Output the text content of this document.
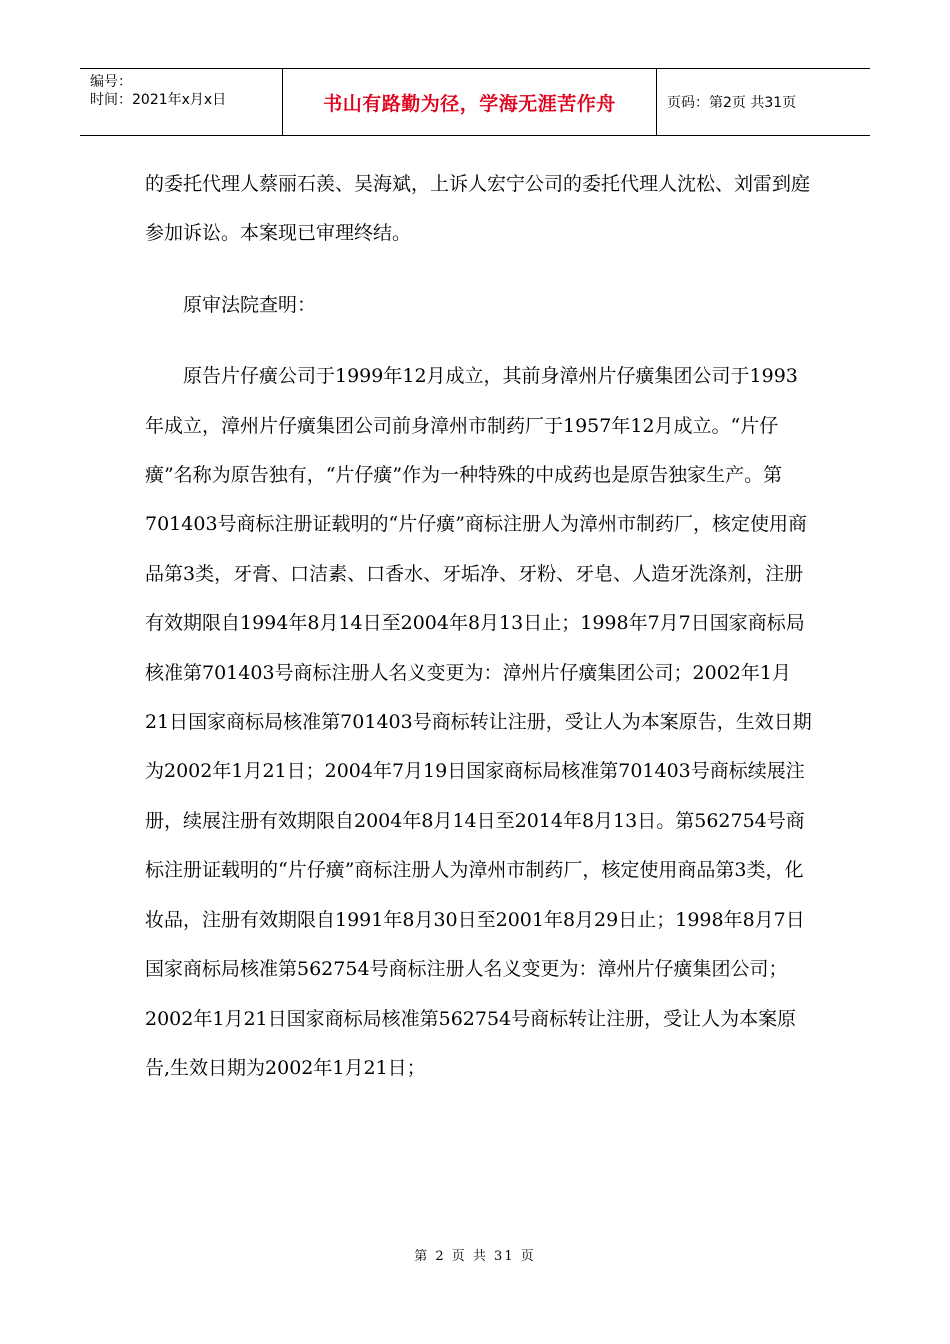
编号：
时间：2021年x月x日	书山有路勤为径，学海无涯苦作舟	页码：第2页 共31页

的委托代理人蔡丽石羡、吴海斌，上诉人宏宁公司的委托代理人沈松、刘雷到庭参加诉讼。本案现已审理终结。

原审法院查明：

原告片仔癀公司于1999年12月成立，其前身漳州片仔癀集团公司于1993年成立，漳州片仔癀集团公司前身漳州市制药厂于1957年12月成立。“片仔癀”名称为原告独有，“片仔癀”作为一种特殊的中成药也是原告独家生产。第701403号商标注册证载明的“片仔癀”商标注册人为漳州市制药厂，核定使用商品第3类，牙膏、口洁素、口香水、牙垢净、牙粉、牙皂、人造牙洗涤剂，注册有效期限自1994年8月14日至2004年8月13日止；1998年7月7日国家商标局核准第701403号商标注册人名义变更为：漳州片仔癀集团公司；2002年1月21日国家商标局核准第701403号商标转让注册，受让人为本案原告，生效日期为2002年1月21日；2004年7月19日国家商标局核准第701403号商标续展注册，续展注册有效期限自2004年8月14日至2014年8月13日。第562754号商标注册证载明的“片仔癀”商标注册人为漳州市制药厂，核定使用商品第3类，化妆品，注册有效期限自1991年8月30日至2001年8月29日止；1998年8月7日国家商标局核准第562754号商标注册人名义变更为：漳州片仔癀集团公司；2002年1月21日国家商标局核准第562754号商标转让注册，受让人为本案原告,生效日期为2002年1月21日；

第 2 页 共 31 页
